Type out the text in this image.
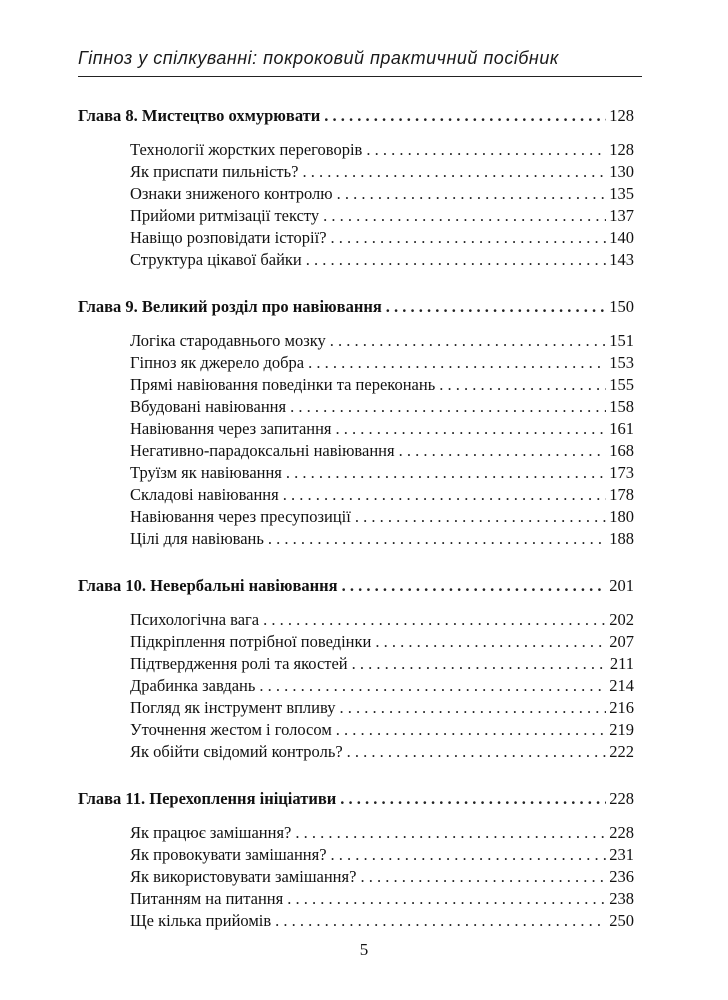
Гіпноз у спілкуванні: покроковий практичний посібник
Глава 8. Мистецтво охмурювати . . .	128
Технології жорстких переговорів . . .	128
Як приспати пильність? . . .	130
Ознаки зниженого контролю . . .	135
Прийоми ритмізації тексту . . .	137
Навіщо розповідати історії? . . .	140
Структура цікавої байки . . .	143
Глава 9. Великий розділ про навіювання . . .	150
Логіка стародавнього мозку . . .	151
Гіпноз як джерело добра . . .	153
Прямі навіювання поведінки та переконань . . .	155
Вбудовані навіювання . . .	158
Навіювання через запитання . . .	161
Негативно-парадоксальні навіювання . . .	168
Труїзм як навіювання . . .	173
Складові навіювання . . .	178
Навіювання через пресупозиції . . .	180
Цілі для навіювань . . .	188
Глава 10. Невербальні навіювання . . .	201
Психологічна вага . . .	202
Підкріплення потрібної поведінки . . .	207
Підтвердження ролі та якостей . . .	211
Драбинка завдань . . .	214
Погляд як інструмент впливу . . .	216
Уточнення жестом і голосом . . .	219
Як обійти свідомий контроль? . . .	222
Глава 11. Перехоплення ініціативи . . .	228
Як працює замішання? . . .	228
Як провокувати замішання? . . .	231
Як використовувати замішання? . . .	236
Питанням на питання . . .	238
Ще кілька прийомів . . .	250
5
